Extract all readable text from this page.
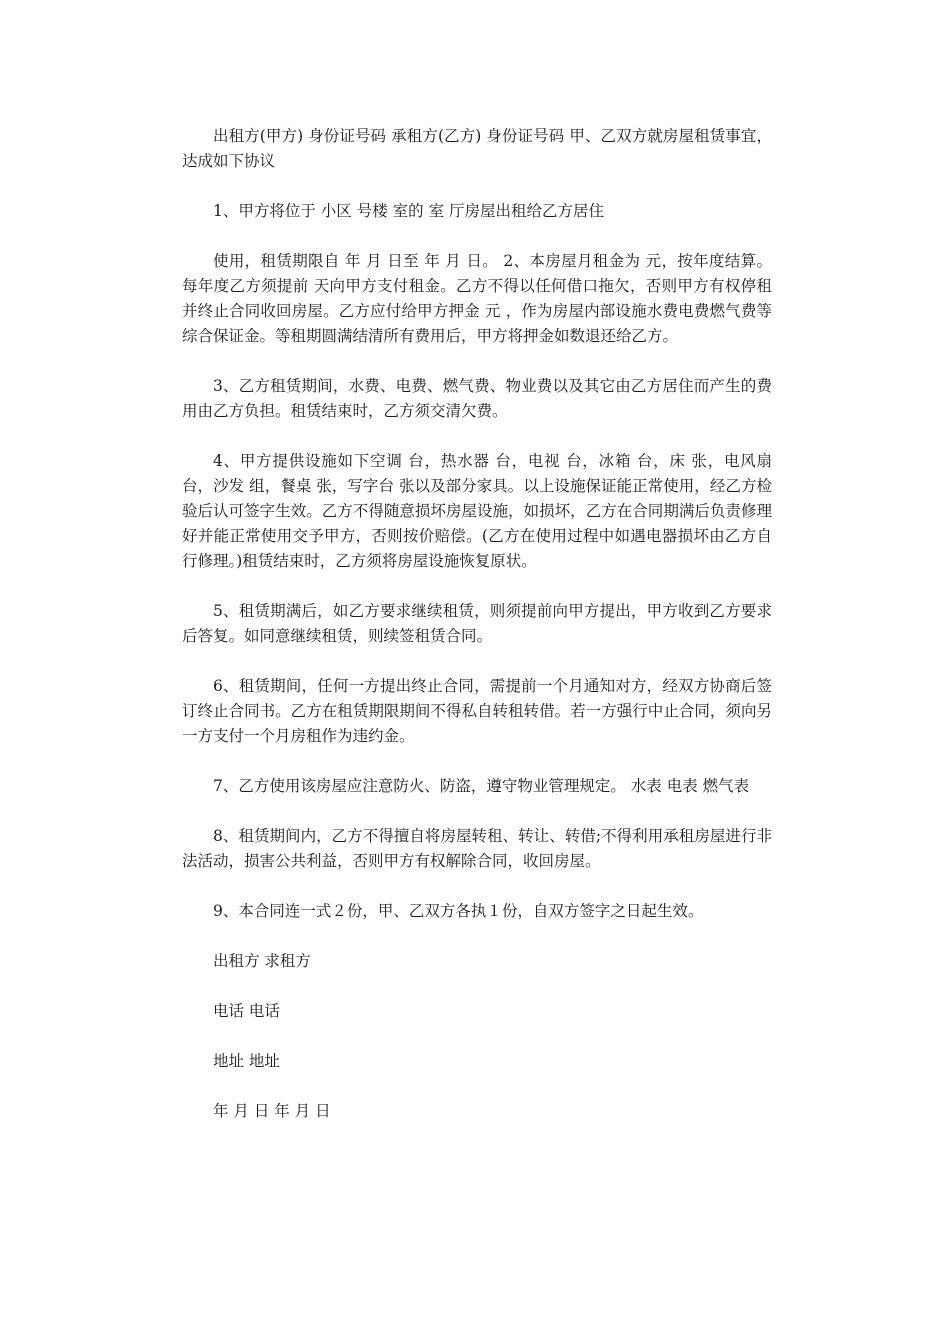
出租方(甲方) 身份证号码 承租方(乙方) 身份证号码 甲、乙双方就房屋租赁事宜，达成如下协议

1、甲方将位于 小区 号楼 室的 室 厅房屋出租给乙方居住

使用，租赁期限自 年 月 日至 年 月 日。 2、本房屋月租金为 元，按年度结算。每年度乙方须提前 天向甲方支付租金。乙方不得以任何借口拖欠，否则甲方有权停租并终止合同收回房屋。乙方应付给甲方押金 元 ，作为房屋内部设施水费电费燃气费等综合保证金。等租期圆满结清所有费用后，甲方将押金如数退还给乙方。

3、乙方租赁期间，水费、电费、燃气费、物业费以及其它由乙方居住而产生的费用由乙方负担。租赁结束时，乙方须交清欠费。

4、甲方提供设施如下空调 台，热水器 台，电视 台，冰箱 台，床 张，电风扇 台，沙发 组，餐桌 张，写字台 张以及部分家具。以上设施保证能正常使用，经乙方检验后认可签字生效。乙方不得随意损坏房屋设施，如损坏，乙方在合同期满后负责修理好并能正常使用交予甲方，否则按价赔偿。(乙方在使用过程中如遇电器损坏由乙方自行修理。)租赁结束时，乙方须将房屋设施恢复原状。

5、租赁期满后，如乙方要求继续租赁，则须提前向甲方提出，甲方收到乙方要求后答复。如同意继续租赁，则续签租赁合同。

6、租赁期间，任何一方提出终止合同，需提前一个月通知对方，经双方协商后签订终止合同书。乙方在租赁期限期间不得私自转租转借。若一方强行中止合同，须向另一方支付一个月房租作为违约金。

7、乙方使用该房屋应注意防火、防盗，遵守物业管理规定。 水表 电表 燃气表

8、租赁期间内，乙方不得擅自将房屋转租、转让、转借;不得利用承租房屋进行非法活动，损害公共利益，否则甲方有权解除合同，收回房屋。

9、本合同连一式２份，甲、乙双方各执１份，自双方签字之日起生效。

出租方 求租方

电话 电话

地址 地址

年 月 日 年 月 日
